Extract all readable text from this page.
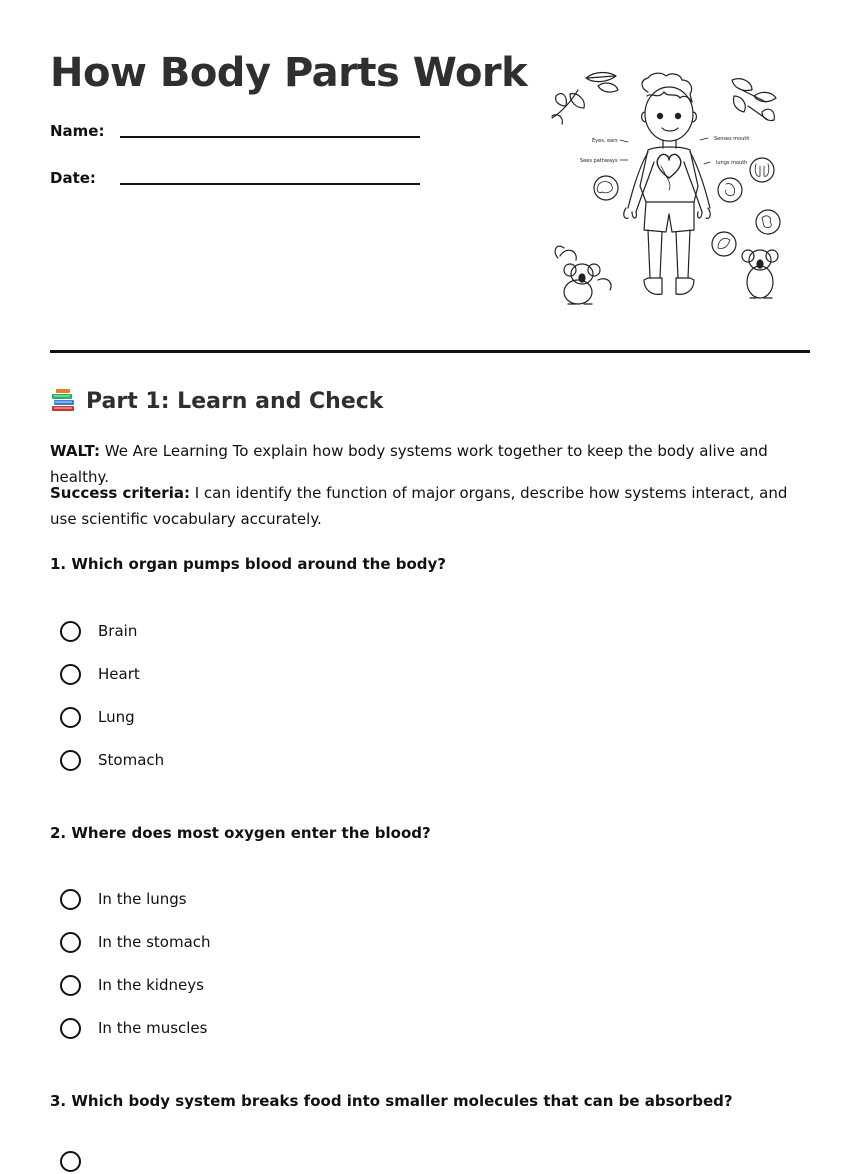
How Body Parts Work
Name:
Date:
Eyes, ears	Senses mouth
Sees pathways	lungs mouth
Part 1: Learn and Check

WALT: We Are Learning To explain how body systems work together to keep the body alive and healthy.

Success criteria: I can identify the function of major organs, describe how systems interact, and use scientific vocabulary accurately.

1. Which organ pumps blood around the body?

Brain
Heart
Lung
Stomach

2. Where does most oxygen enter the blood?

In the lungs
In the stomach
In the kidneys
In the muscles

3. Which body system breaks food into smaller molecules that can be absorbed?
